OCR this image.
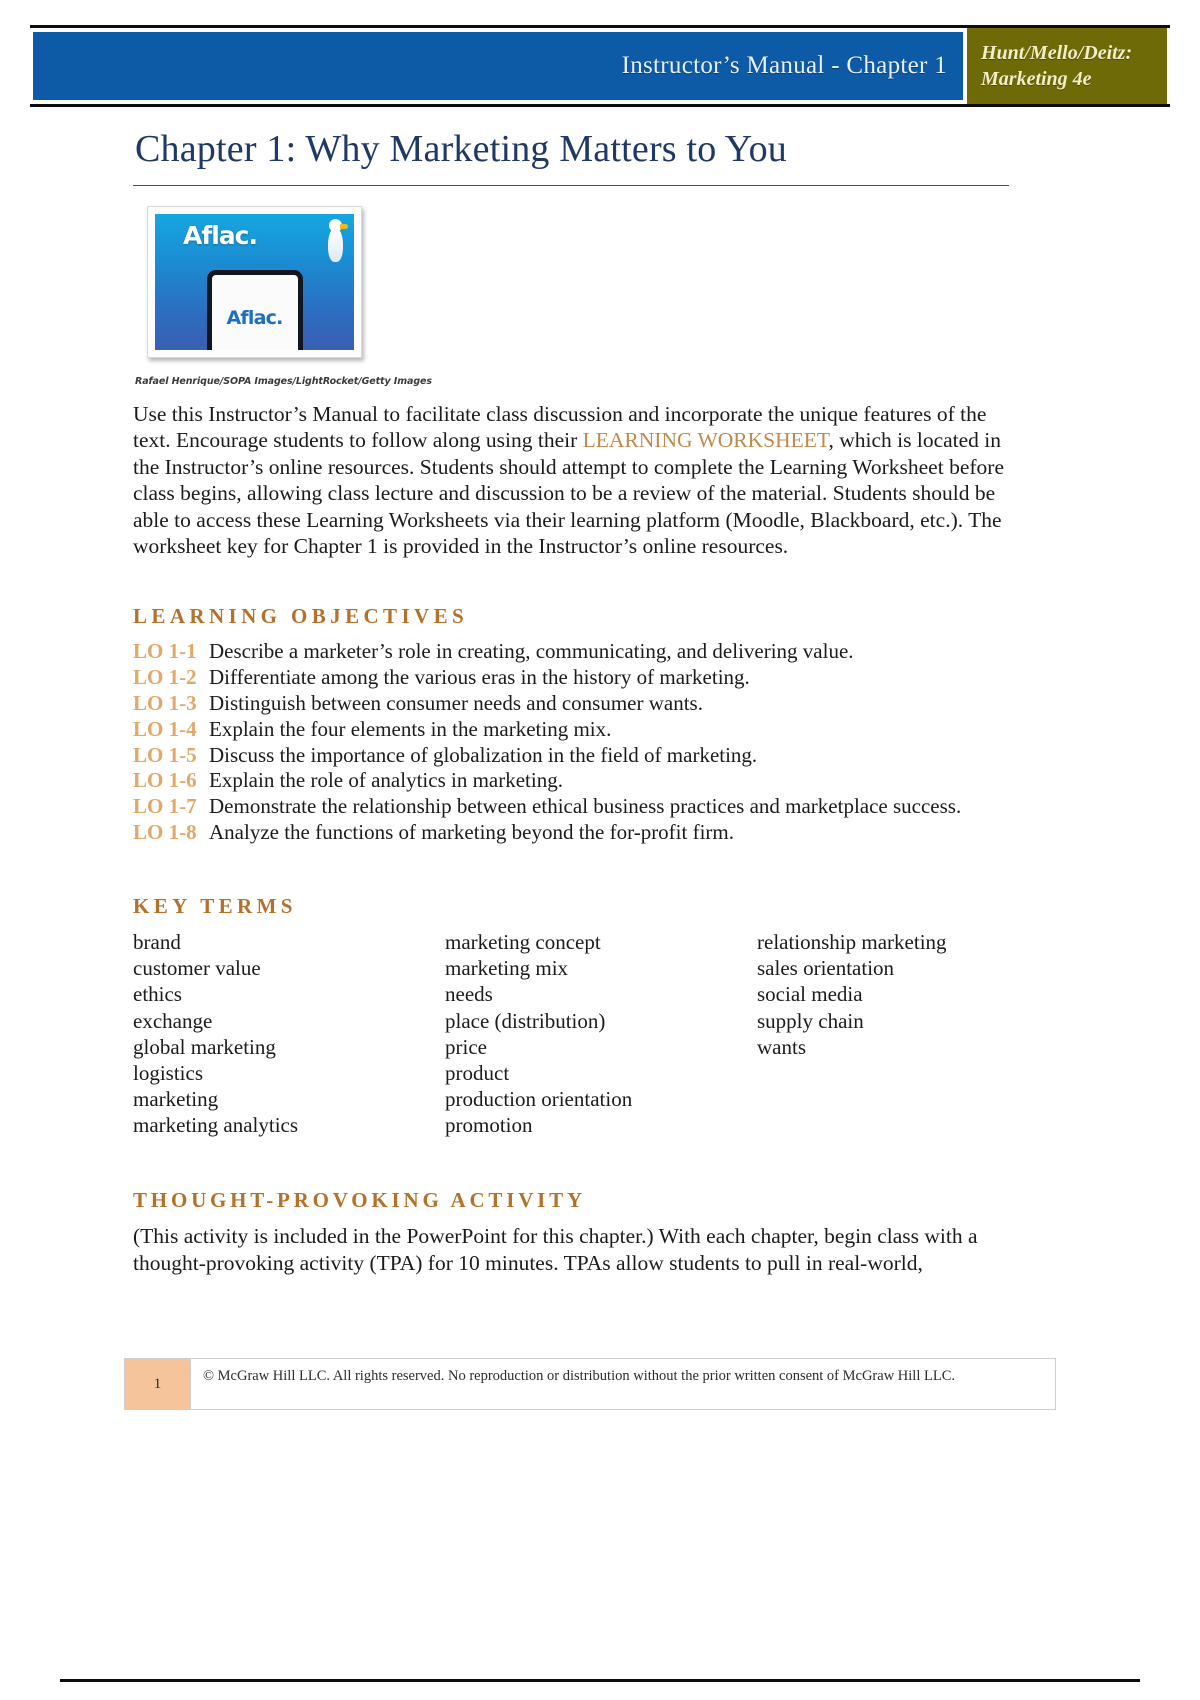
Instructor’s Manual - Chapter 1 Hunt/Mello/Deitz:
Marketing 4e
Chapter 1: Why Marketing Matters to You
Aflac.
Aflac.
Rafael Henrique/SOPA Images/LightRocket/Getty Images

Use this Instructor’s Manual to facilitate class discussion and incorporate the unique features of the text. Encourage students to follow along using their LEARNING WORKSHEET, which is located in the Instructor’s online resources. Students should attempt to complete the Learning Worksheet before class begins, allowing class lecture and discussion to be a review of the material. Students should be able to access these Learning Worksheets via their learning platform (Moodle, Blackboard, etc.). The worksheet key for Chapter 1 is provided in the Instructor’s online resources.

LEARNING OBJECTIVES
LO 1-1 Describe a marketer’s role in creating, communicating, and delivering value.
LO 1-2 Differentiate among the various eras in the history of marketing.
LO 1-3 Distinguish between consumer needs and consumer wants.
LO 1-4 Explain the four elements in the marketing mix.
LO 1-5 Discuss the importance of globalization in the field of marketing.
LO 1-6 Explain the role of analytics in marketing.
LO 1-7 Demonstrate the relationship between ethical business practices and marketplace success.
LO 1-8 Analyze the functions of marketing beyond the for-profit firm.
KEY TERMS
brand
customer value
ethics
exchange
global marketing
logistics
marketing
marketing analytics
marketing concept
marketing mix
needs
place (distribution)
price
product
production orientation
promotion
relationship marketing
sales orientation
social media
supply chain
wants
THOUGHT-PROVOKING ACTIVITY

(This activity is included in the PowerPoint for this chapter.) With each chapter, begin class with a thought-provoking activity (TPA) for 10 minutes. TPAs allow students to pull in real-world,

1	© McGraw Hill LLC. All rights reserved. No reproduction or distribution without the prior written consent of McGraw Hill LLC.
